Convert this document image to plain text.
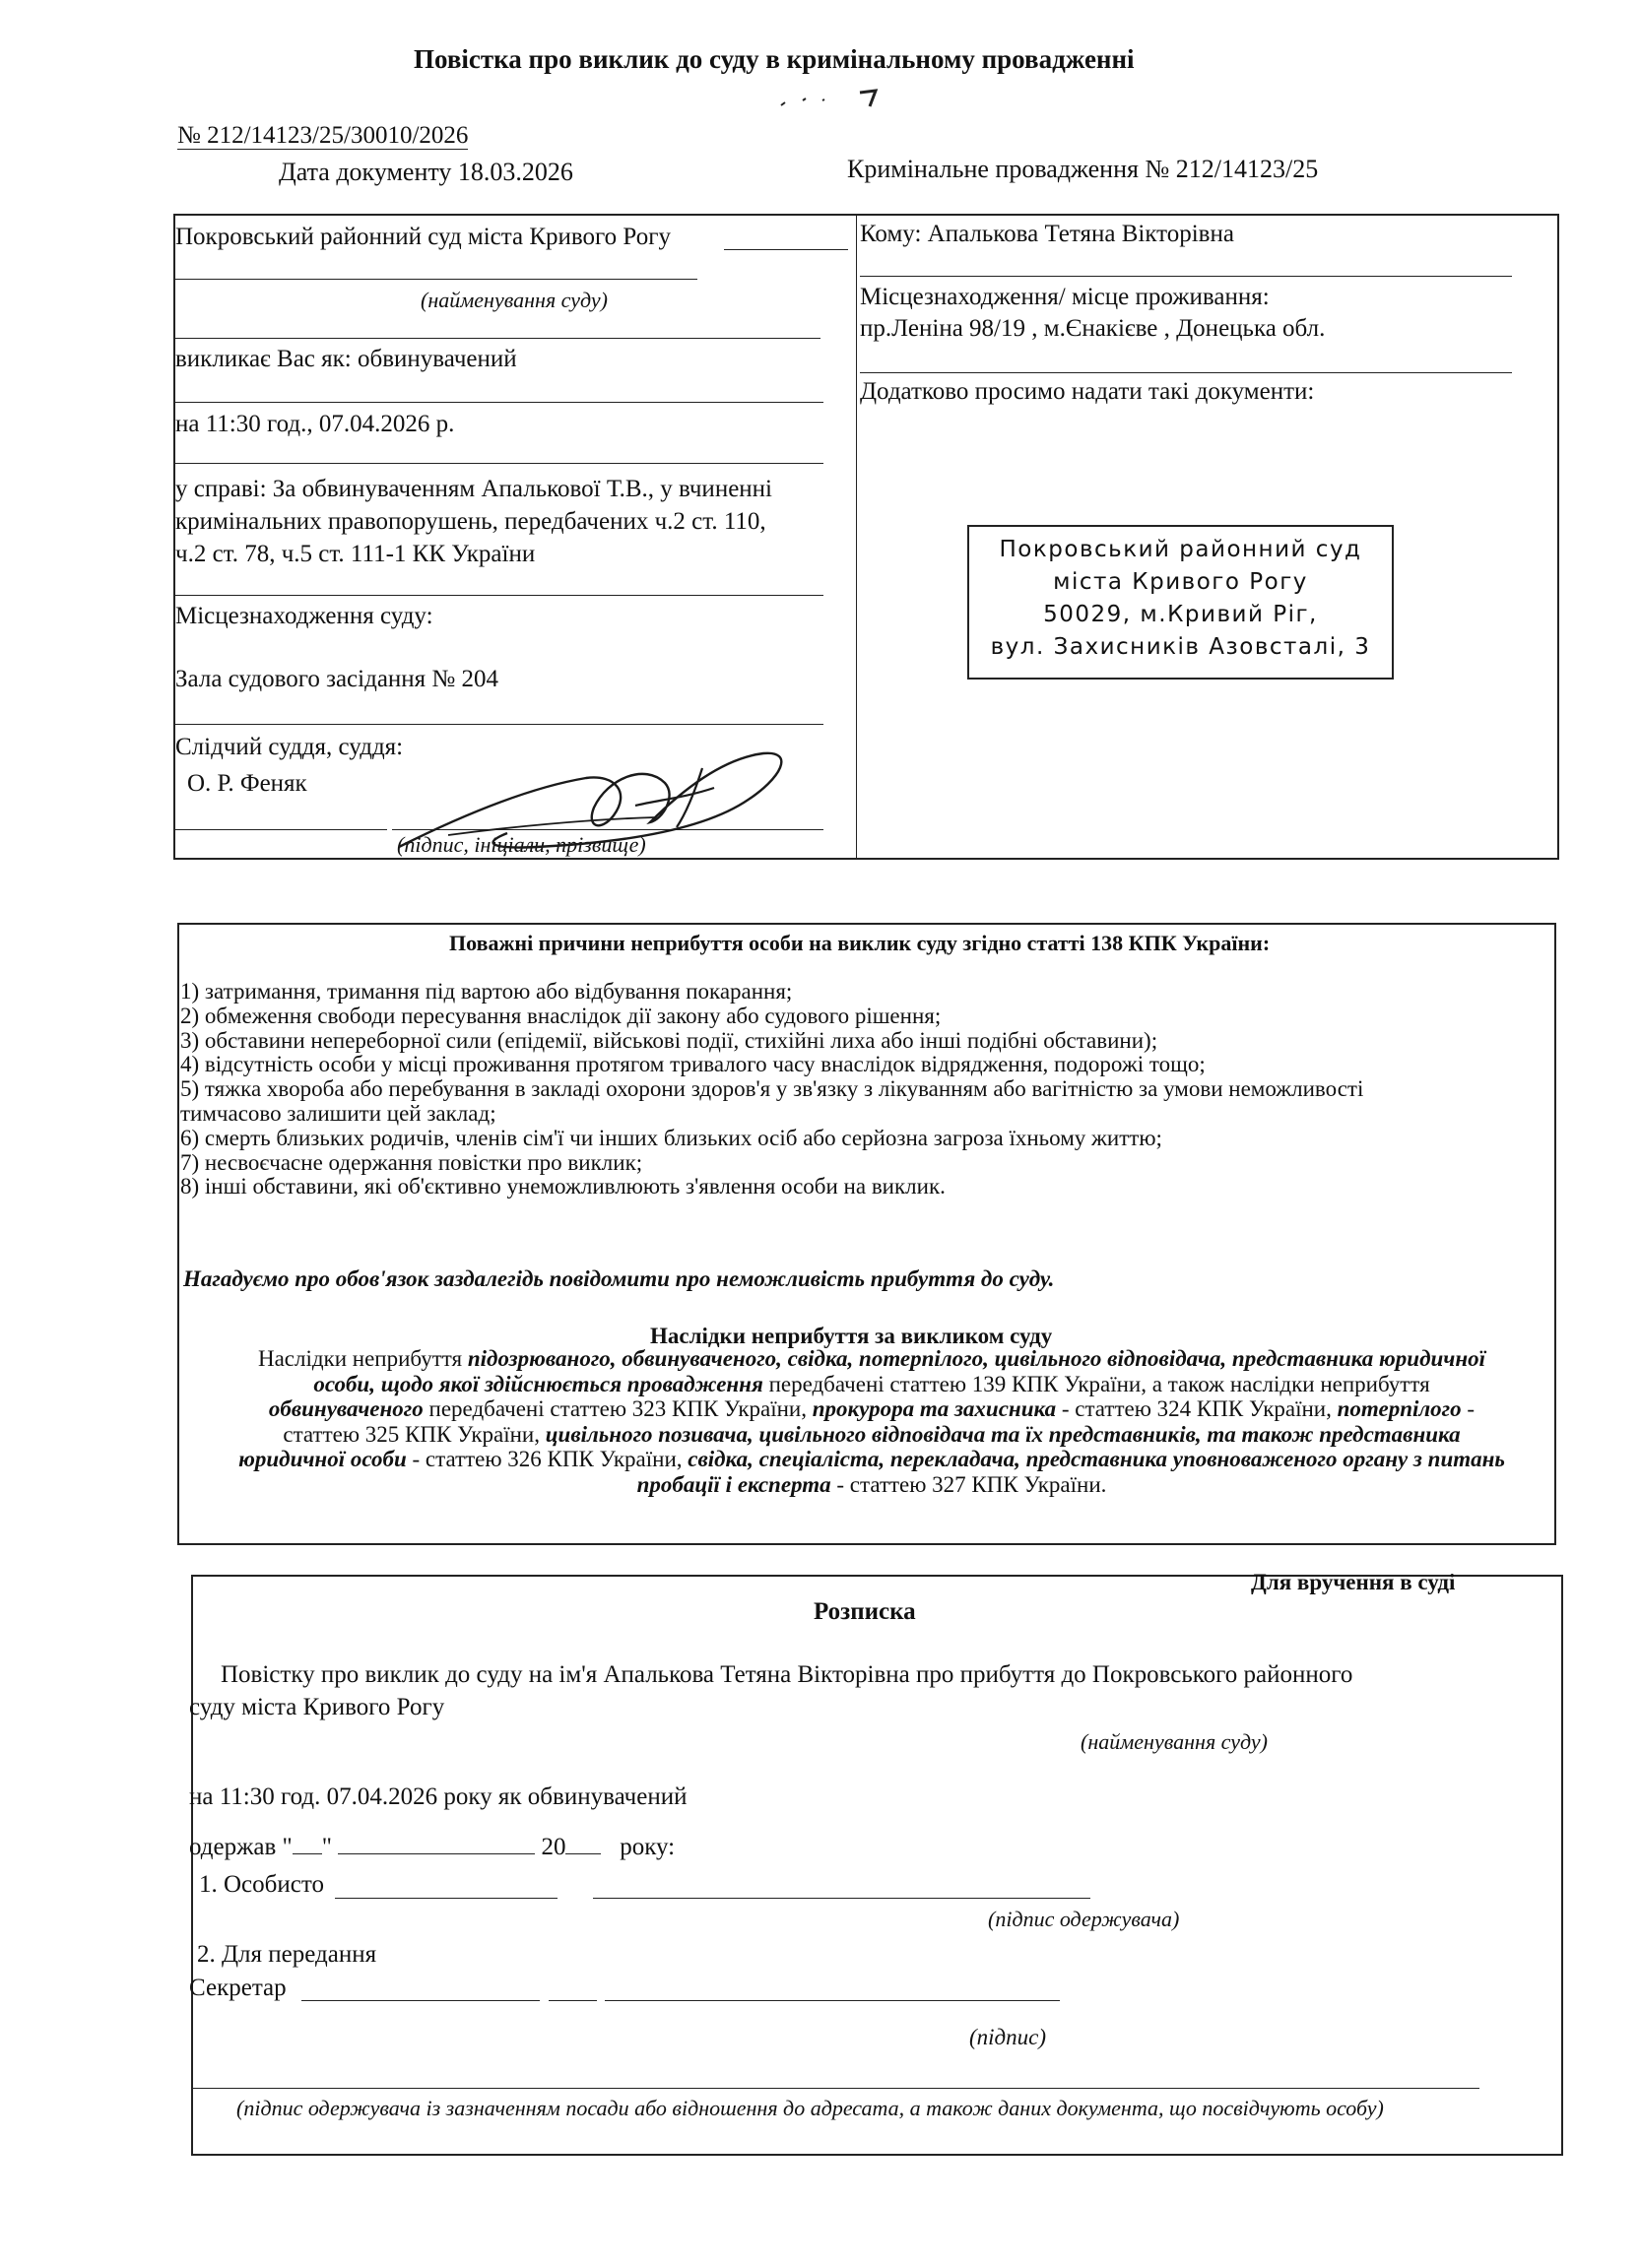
Повістка про виклик до суду в кримінальному провадженні
№ 212/14123/25/30010/2026
Дата документу 18.03.2026	Кримінальне провадження № 212/14123/25
Покровський районний суд міста Кривого Рогу
(найменування суду)
викликає Вас як: обвинувачений
на 11:30 год., 07.04.2026 р.
у справі: За обвинуваченням Апалькової Т.В., у вчиненні
кримінальних правопорушень, передбачених ч.2 ст. 110,
ч.2 ст. 78, ч.5 ст. 111-1 КК України
Місцезнаходження суду:
Зала судового засідання № 204
Слідчий суддя, суддя:
О. Р. Феняк
(підпис, ініціали, прізвище)
Кому: Апалькова Тетяна Вікторівна
Місцезнаходження/ місце проживання:
пр.Леніна 98/19 , м.Єнакієве , Донецька обл.
Додатково просимо надати такі документи:
Покровський районний суд
міста Кривого Рогу
50029, м.Кривий Ріг,
вул. Захисників Азовсталі, 3
Поважні причини неприбуття особи на виклик суду згідно статті 138 КПК України:
1) затримання, тримання під вартою або відбування покарання;
2) обмеження свободи пересування внаслідок дії закону або судового рішення;
3) обставини непереборної сили (епідемії, військові події, стихійні лиха або інші подібні обставини);
4) відсутність особи у місці проживання протягом тривалого часу внаслідок відрядження, подорожі тощо;
5) тяжка хвороба або перебування в закладі охорони здоров'я у зв'язку з лікуванням або вагітністю за умови неможливості
тимчасово залишити цей заклад;
6) смерть близьких родичів, членів сім'ї чи інших близьких осіб або серйозна загроза їхньому життю;
7) несвоєчасне одержання повістки про виклик;
8) інші обставини, які об'єктивно унеможливлюють з'явлення особи на виклик.
Нагадуємо про обов'язок заздалегідь повідомити про неможливість прибуття до суду.
Наслідки неприбуття за викликом суду
Наслідки неприбуття підозрюваного, обвинуваченого, свідка, потерпілого, цивільного відповідача, представника юридичної
особи, щодо якої здійснюється провадження передбачені статтею 139 КПК України, а також наслідки неприбуття
обвинуваченого передбачені статтею 323 КПК України, прокурора та захисника - статтею 324 КПК України, потерпілого -
статтею 325 КПК України, цивільного позивача, цивільного відповідача та їх представників, та також представника
юридичної особи - статтею 326 КПК України, свідка, спеціаліста, перекладача, представника уповноваженого органу з питань
пробації і експерта - статтею 327 КПК України.
Для вручення в суді
Розписка
Повістку про виклик до суду на ім'я Апалькова Тетяна Вікторівна про прибуття до Покровського районного
суду міста Кривого Рогу
(найменування суду)
на 11:30 год. 07.04.2026 року як обвинувачений
одержав " "	20 року:
1. Особисто
(підпис одержувача)
2. Для передання
Секретар
(підпис)
(підпис одержувача із зазначенням посади або відношення до адресата, а також даних документа, що посвідчують особу)
